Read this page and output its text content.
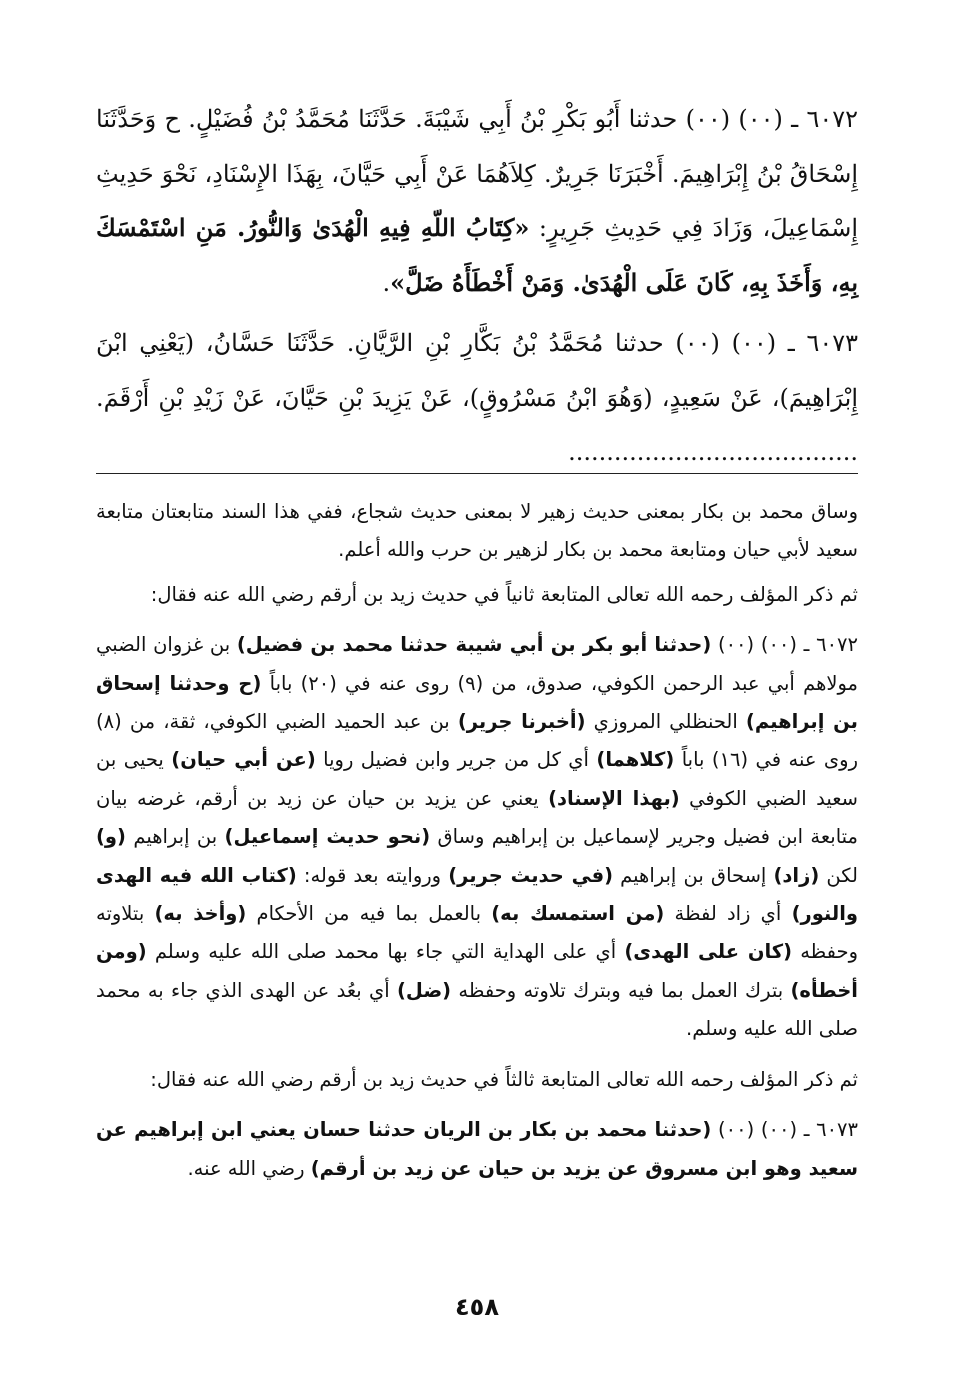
٦٠٧٢ ـ (٠٠) (٠٠) حدثنا أَبُو بَكْرِ بْنُ أَبِي شَيْبَةَ. حَدَّثَنَا مُحَمَّدُ بْنُ فُضَيْلٍ. ح وَحَدَّثَنَا إِسْحَاقُ بْنُ إِبْرَاهِيمَ. أَخْبَرَنَا جَرِيرٌ. كِلاَهُمَا عَنْ أَبِي حَيَّانَ، بِهَذَا الإِسْنَادِ، نَحْوَ حَدِيثِ إِسْمَاعِيلَ، وَزَادَ فِي حَدِيثِ جَرِيرٍ: «كِتَابُ اللّهِ فِيهِ الْهُدَىٰ وَالنُّورُ. مَنِ اسْتَمْسَكَ بِهِ، وَأَخَذَ بِهِ، كَانَ عَلَى الْهُدَىٰ. وَمَنْ أَخْطَأَهُ ضَلَّ».

٦٠٧٣ ـ (٠٠) (٠٠) حدثنا مُحَمَّدُ بْنُ بَكَّارِ بْنِ الرَّيَّانِ. حَدَّثَنَا حَسَّانُ، (يَعْنِي ابْنَ إِبْرَاهِيمَ)، عَنْ سَعِيدٍ، (وَهُوَ ابْنُ مَسْرُوقٍ)، عَنْ يَزِيدَ بْنِ حَيَّانَ، عَنْ زَيْدِ بْنِ أَرْقَمَ. ......................................

وساق محمد بن بكار بمعنى حديث زهير لا بمعنى حديث شجاع، ففي هذا السند متابعتان متابعة سعيد لأبي حيان ومتابعة محمد بن بكار لزهير بن حرب والله أعلم.

ثم ذكر المؤلف رحمه الله تعالى المتابعة ثانياً في حديث زيد بن أرقم رضي الله عنه فقال:

٦٠٧٢ ـ (٠٠) (٠٠) (حدثنا أبو بكر بن أبي شيبة حدثنا محمد بن فضيل) بن غزوان الضبي مولاهم أبي عبد الرحمن الكوفي، صدوق، من (٩) روى عنه في (٢٠) باباً (ح وحدثنا إسحاق بن إبراهيم) الحنظلي المروزي (أخبرنا جرير) بن عبد الحميد الضبي الكوفي، ثقة، من (٨) روى عنه في (١٦) باباً (كلاهما) أي كل من جرير وابن فضيل رويا (عن أبي حيان) يحيى بن سعيد الضبي الكوفي (بهذا الإسناد) يعني عن يزيد بن حيان عن زيد بن أرقم، غرضه بيان متابعة ابن فضيل وجرير لإسماعيل بن إبراهيم وساق (نحو حديث إسماعيل) بن إبراهيم (و) لكن (زاد) إسحاق بن إبراهيم (في حديث جرير) وروايته بعد قوله: (كتاب الله فيه الهدى والنور) أي زاد لفظة (من استمسك به) بالعمل بما فيه من الأحكام (وأخذ به) بتلاوته وحفظه (كان على الهدى) أي على الهداية التي جاء بها محمد صلى الله عليه وسلم (ومن أخطأه) بترك العمل بما فيه وبترك تلاوته وحفظه (ضل) أي بعُد عن الهدى الذي جاء به محمد صلى الله عليه وسلم.

ثم ذكر المؤلف رحمه الله تعالى المتابعة ثالثاً في حديث زيد بن أرقم رضي الله عنه فقال:

٦٠٧٣ ـ (٠٠) (٠٠) (حدثنا محمد بن بكار بن الريان حدثنا حسان يعني ابن إبراهيم عن سعيد وهو ابن مسروق عن يزيد بن حيان عن زيد بن أرقم) رضي الله عنه.

٤٥٨
